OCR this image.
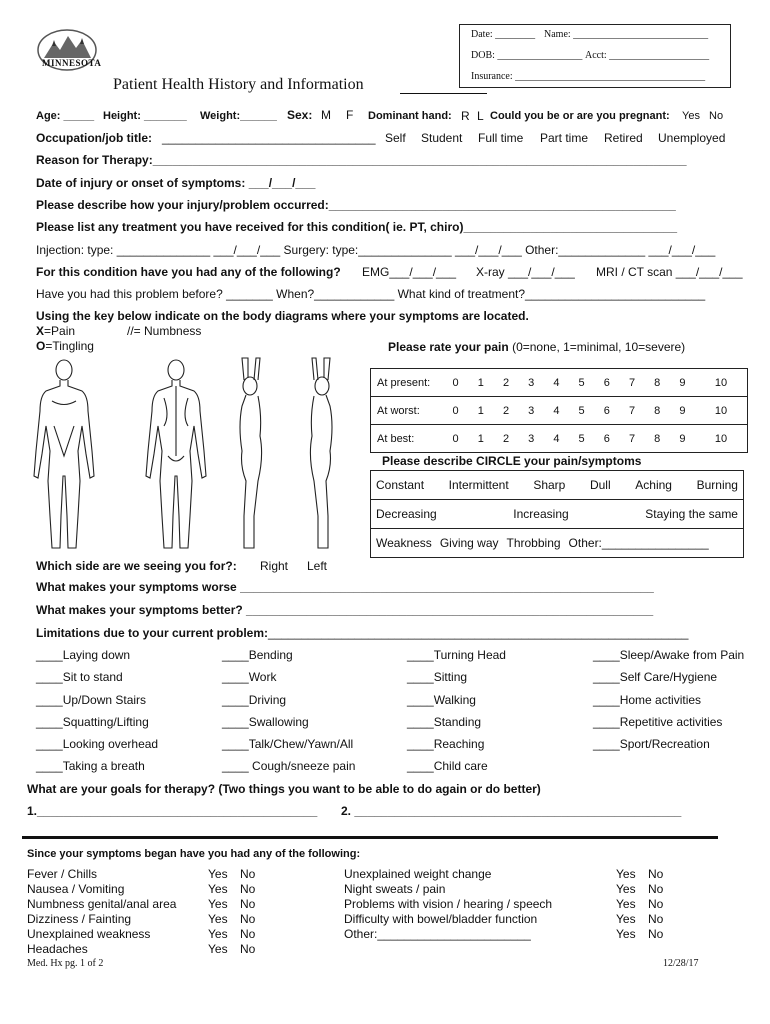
MINNESOTA
Patient Health History and Information
Date: ________ Name: ___________________________
DOB: _________________ Acct: ____________________
Insurance: ______________________________________
Age: _____ Height: _______ Weight:______ Sex: M F Dominant hand: R L Could you be or are you pregnant: Yes No
Occupation/job title: ________________________________ Self Student Full time Part time Retired Unemployed
Reason for Therapy:________________________________________________________________________________
Date of injury or onset of symptoms: ___/___/___
Please describe how your injury/problem occurred:____________________________________________________
Please list any treatment you have received for this condition( ie. PT, chiro)________________________________
Injection: type: ______________ ___/___/___ Surgery: type:______________ ___/___/___ Other:_____________ ___/___/___
For this condition have you had any of the following? EMG___/___/___ X-ray ___/___/___ MRI / CT scan ___/___/___
Have you had this problem before? _______ When?____________ What kind of treatment?___________________________
Using the key below indicate on the body diagrams where your symptoms are located.
X=Pain	//= Numbness
O=Tingling	Please rate your pain (0=none, 1=minimal, 10=severe)
At present:	0	1	2	3	4	5	6	7	8	9	10
At worst:	0	1	2	3	4	5	6	7	8	9	10
At best:	0	1	2	3	4	5	6	7	8	9	10
Please describe CIRCLE your pain/symptoms
Constant Intermittent Sharp Dull Aching Burning

Decreasing	Increasing	Staying the same

Weakness Giving way Throbbing Other:________________
Which side are we seeing you for?: Right Left
What makes your symptoms worse ______________________________________________________________
What makes your symptoms better? _____________________________________________________________
Limitations due to your current problem:_______________________________________________________________
____Laying down	____Bending	____Turning Head	____Sleep/Awake from Pain
____Sit to stand	____Work	____Sitting	____Self Care/Hygiene
____Up/Down Stairs	____Driving	____Walking	____Home activities
____Squatting/Lifting	____Swallowing	____Standing	____Repetitive activities
____Looking overhead	____Talk/Chew/Yawn/All	____Reaching	____Sport/Recreation
____Taking a breath	____ Cough/sneeze pain	____Child care
What are your goals for therapy? (Two things you want to be able to do again or do better)
1.__________________________________________ 2. _________________________________________________
Since your symptoms began have you had any of the following:
Fever / Chills	Yes No
Nausea / Vomiting	Yes No
Numbness genital/anal area	Yes No
Dizziness / Fainting	Yes No
Unexplained weakness	Yes No
Headaches	Yes No
Unexplained weight change	Yes No
Night sweats / pain	Yes No
Problems with vision / hearing / speech	Yes No
Difficulty with bowel/bladder function	Yes No
Other:_______________________	Yes No
Med. Hx pg. 1 of 2	12/28/17
